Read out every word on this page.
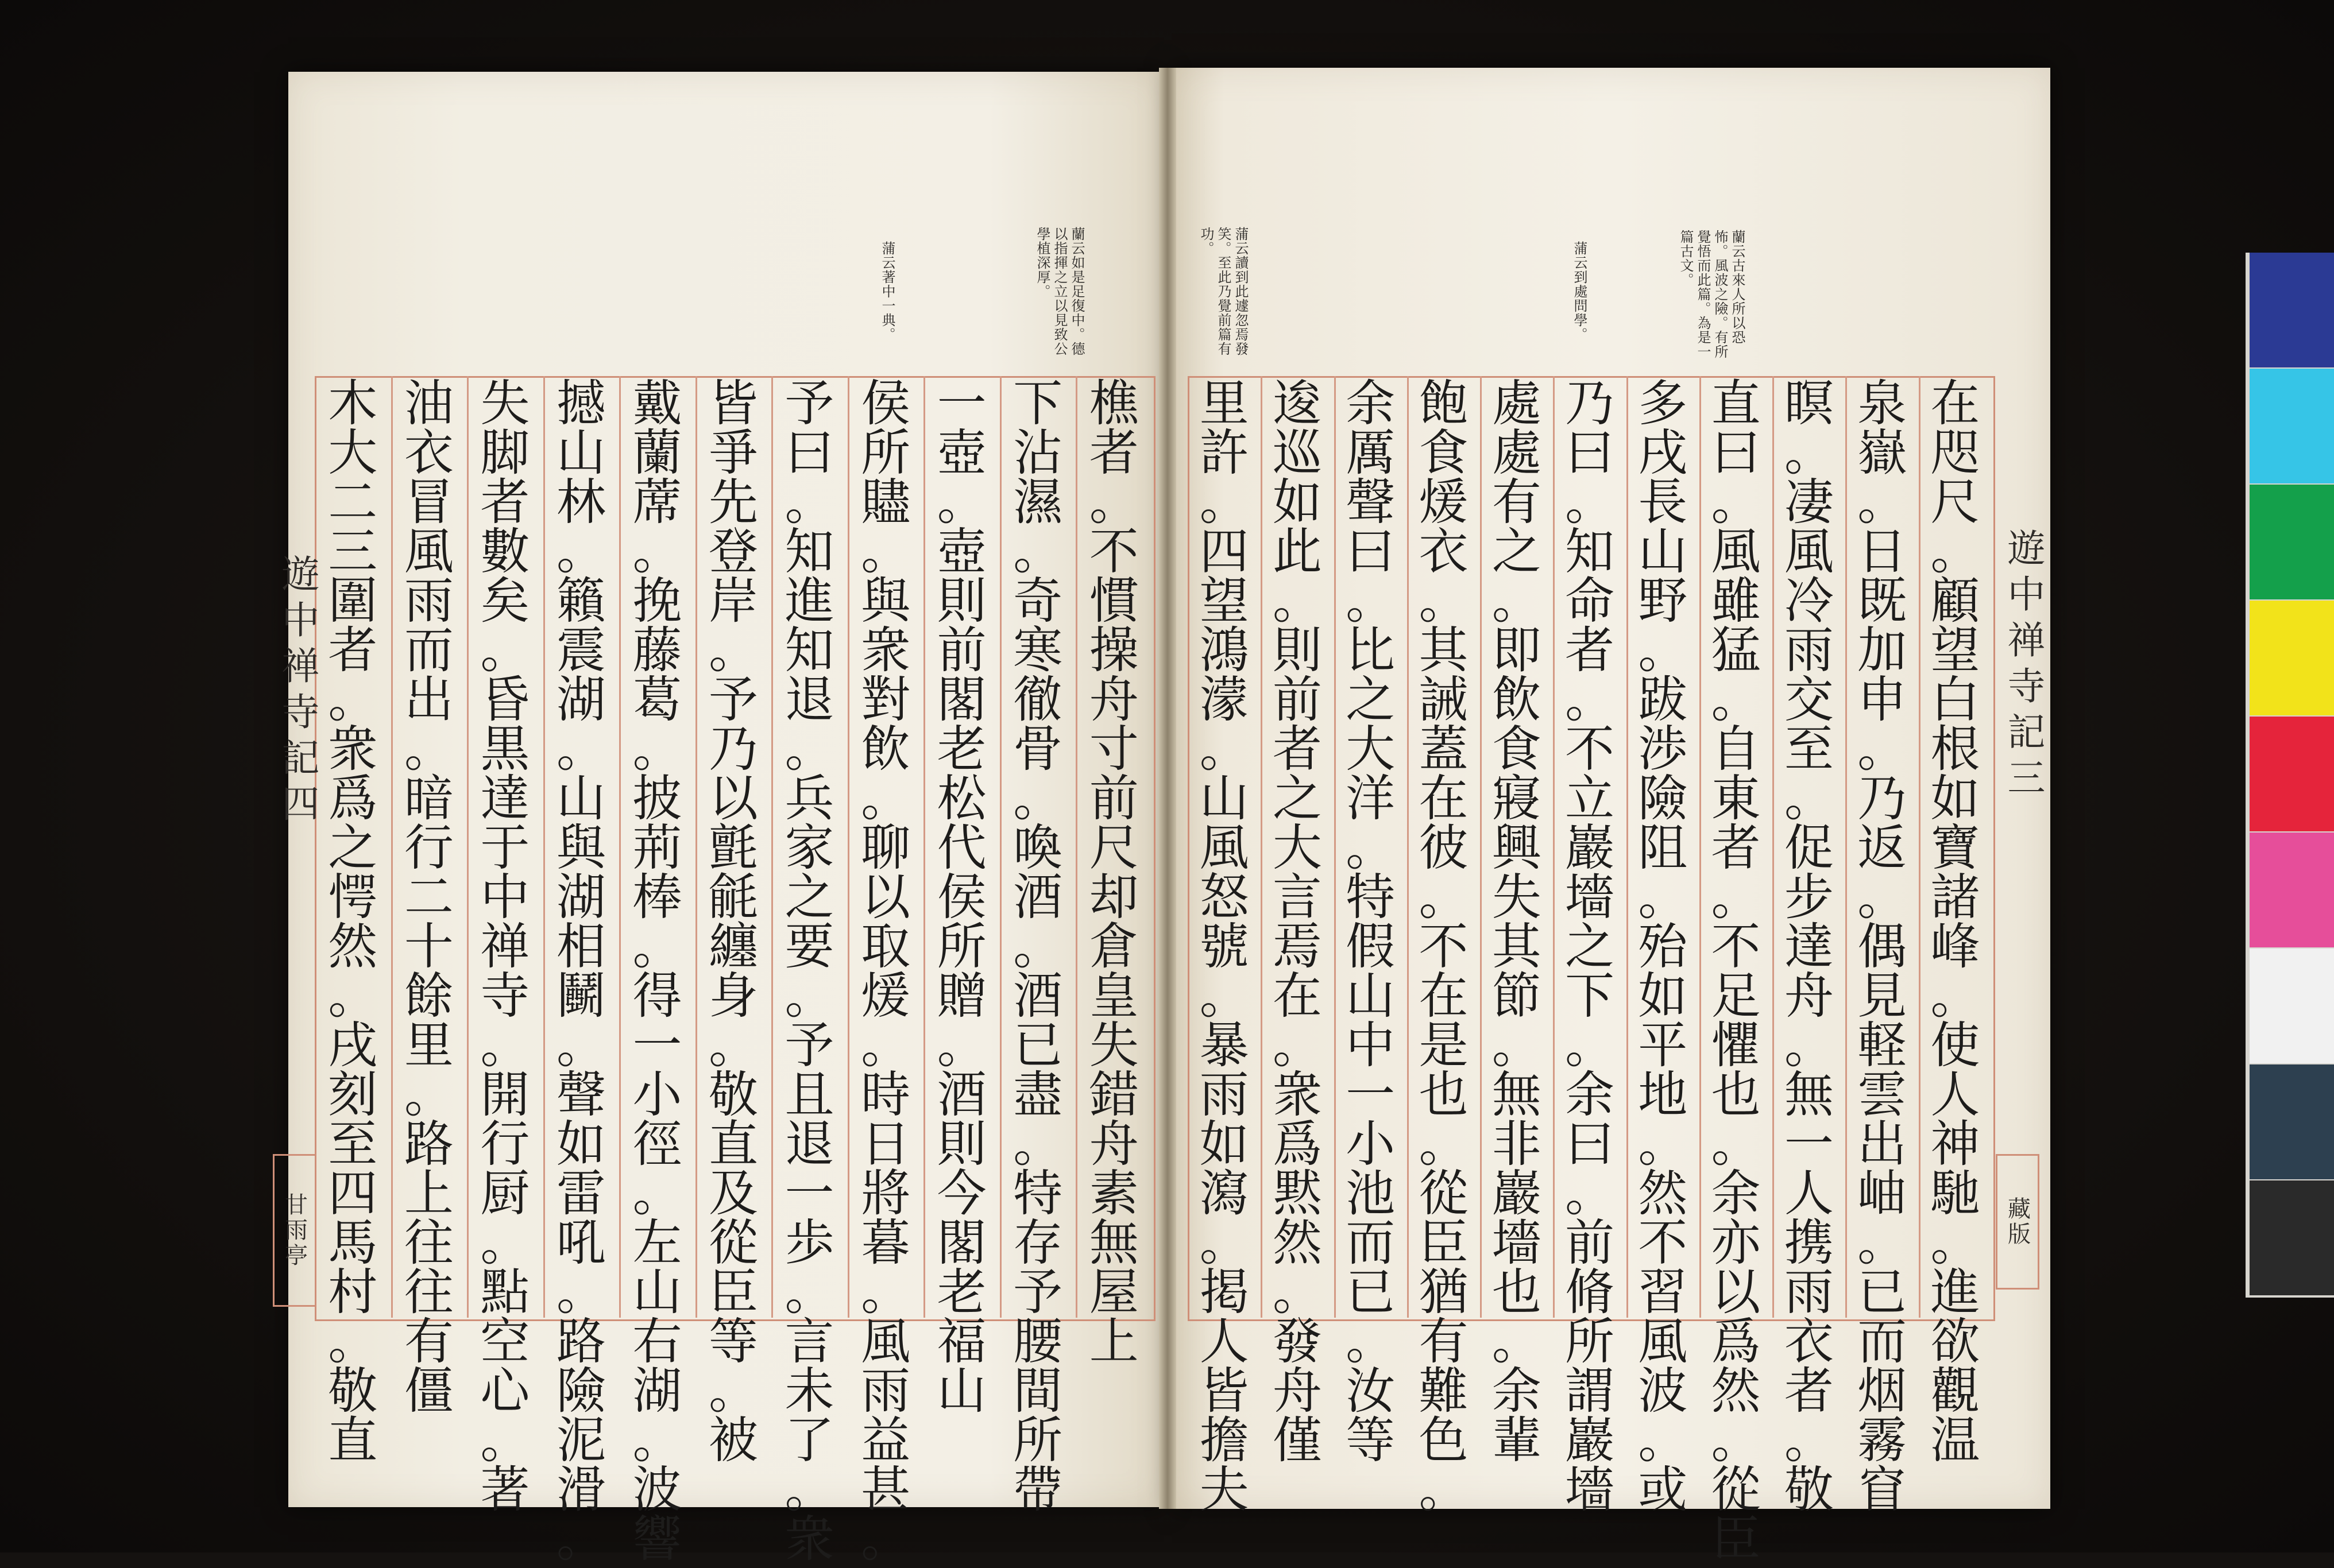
遊中禅寺記四
甘雨亭
遊中禅寺記三
藏版
樵
者
。
不
慣
操
舟
寸
前
尺
却
倉
皇
失
錯
舟
素
無
屋
上
下
沾
濕
。
奇
寒
徹
骨
。
喚
酒
。
酒
已
盡
。
特
存
予
腰
間
所
帶
一
壺
。
壺
則
前
閣
老
松
代
侯
所
贈
。
酒
則
今
閣
老
福
山
侯
所
贐
。
與
衆
對
飲
。
聊
以
取
煖
。
時
日
將
暮
。
風
雨
益
甚
。
予
曰
。
知
進
知
退
。
兵
家
之
要
。
予
且
退
一
歩
。
言
未
了
。
衆
皆
爭
先
登
岸
。
予
乃
以
氈
毹
纏
身
。
敬
直
及
從
臣
等
。
被
戴
蘭
蓆
。
挽
藤
葛
。
披
荊
棒
。
得
一
小
徑
。
左
山
右
湖
。
波
響
撼
山
林
。
籟
震
湖
。
山
與
湖
相
鬭
。
聲
如
雷
吼
。
路
險
泥
滑
。
失
脚
者
數
矣
。
昏
黒
達
于
中
禅
寺
。
開
行
厨
。
點
空
心
。
著
油
衣
冒
風
雨
而
出
。
暗
行
二
十
餘
里
。
路
上
往
往
有
僵
木
大
二
三
圍
者
。
衆
爲
之
愕
然
。
戌
刻
至
四
馬
村
。
敬
直
在
咫
尺
。
顧
望
白
根
如
寶
諸
峰
。
使
人
神
馳
。
進
欲
觀
温
泉
嶽
。
日
既
加
申
。
乃
返
。
偶
見
軽
雲
出
岫
。
已
而
烟
霧
窅
瞑
。
凄
風
冷
雨
交
至
。
促
步
達
舟
。
無
一
人
携
雨
衣
者
。
敬
直
曰
。
風
雖
猛
。
自
東
者
。
不
足
懼
也
。
余
亦
以
爲
然
。
從
臣
多
戌
長
山
野
。
跋
渉
險
阻
。
殆
如
平
地
。
然
不
習
風
波
。
或
乃
曰
。
知
命
者
。
不
立
巖
墻
之
下
。
余
曰
。
前
脩
所
謂
巖
墻
處
處
有
之
。
即
飲
食
寢
興
失
其
節
。
無
非
巖
墻
也
。
余
輩
飽
食
煖
衣
。
其
誡
蓋
在
彼
。
不
在
是
也
。
從
臣
猶
有
難
色
。
余
厲
聲
曰
。
比
之
大
洋
。
特
假
山
中
一
小
池
而
已
。
汝
等
逡
巡
如
此
。
則
前
者
之
大
言
焉
在
。
衆
爲
黙
然
。
發
舟
僅
里
許
。
四
望
鴻
濛
。
山
風
怒
號
。
暴
雨
如
瀉
。
掲
人
皆
擔
夫
蒲云著中一典。	蘭云如是足復中。德以指揮之立以見致公學植深厚。	蒲云到處問學。	蘭云古來人所以恐怖。風波之險。有所覺悟而此篇。為是一篇古文。
蒲云讀到此遽忽焉發笑。至此乃覺前篇有功。
